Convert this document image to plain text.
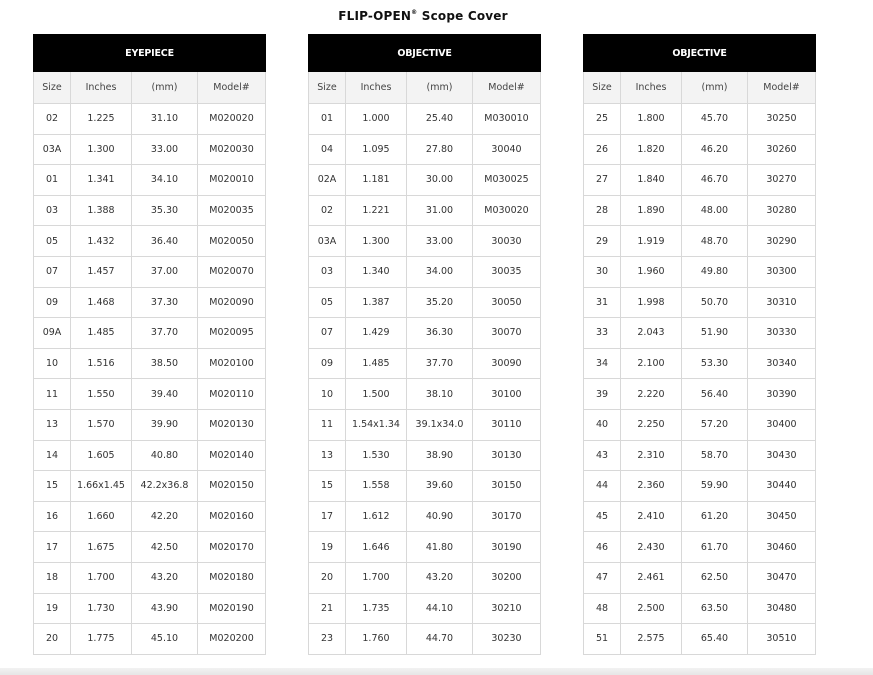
FLIP-OPEN® Scope Cover
EYEPIECE			
Size	Inches	(mm)	Model#
02	1.225	31.10	M020020
03A	1.300	33.00	M020030
01	1.341	34.10	M020010
03	1.388	35.30	M020035
05	1.432	36.40	M020050
07	1.457	37.00	M020070
09	1.468	37.30	M020090
09A	1.485	37.70	M020095
10	1.516	38.50	M020100
11	1.550	39.40	M020110
13	1.570	39.90	M020130
14	1.605	40.80	M020140
15	1.66x1.45	42.2x36.8	M020150
16	1.660	42.20	M020160
17	1.675	42.50	M020170
18	1.700	43.20	M020180
19	1.730	43.90	M020190
20	1.775	45.10	M020200
OBJECTIVE			
Size	Inches	(mm)	Model#
01	1.000	25.40	M030010
04	1.095	27.80	30040
02A	1.181	30.00	M030025
02	1.221	31.00	M030020
03A	1.300	33.00	30030
03	1.340	34.00	30035
05	1.387	35.20	30050
07	1.429	36.30	30070
09	1.485	37.70	30090
10	1.500	38.10	30100
11	1.54x1.34	39.1x34.0	30110
13	1.530	38.90	30130
15	1.558	39.60	30150
17	1.612	40.90	30170
19	1.646	41.80	30190
20	1.700	43.20	30200
21	1.735	44.10	30210
23	1.760	44.70	30230
OBJECTIVE			
Size	Inches	(mm)	Model#
25	1.800	45.70	30250
26	1.820	46.20	30260
27	1.840	46.70	30270
28	1.890	48.00	30280
29	1.919	48.70	30290
30	1.960	49.80	30300
31	1.998	50.70	30310
33	2.043	51.90	30330
34	2.100	53.30	30340
39	2.220	56.40	30390
40	2.250	57.20	30400
43	2.310	58.70	30430
44	2.360	59.90	30440
45	2.410	61.20	30450
46	2.430	61.70	30460
47	2.461	62.50	30470
48	2.500	63.50	30480
51	2.575	65.40	30510
